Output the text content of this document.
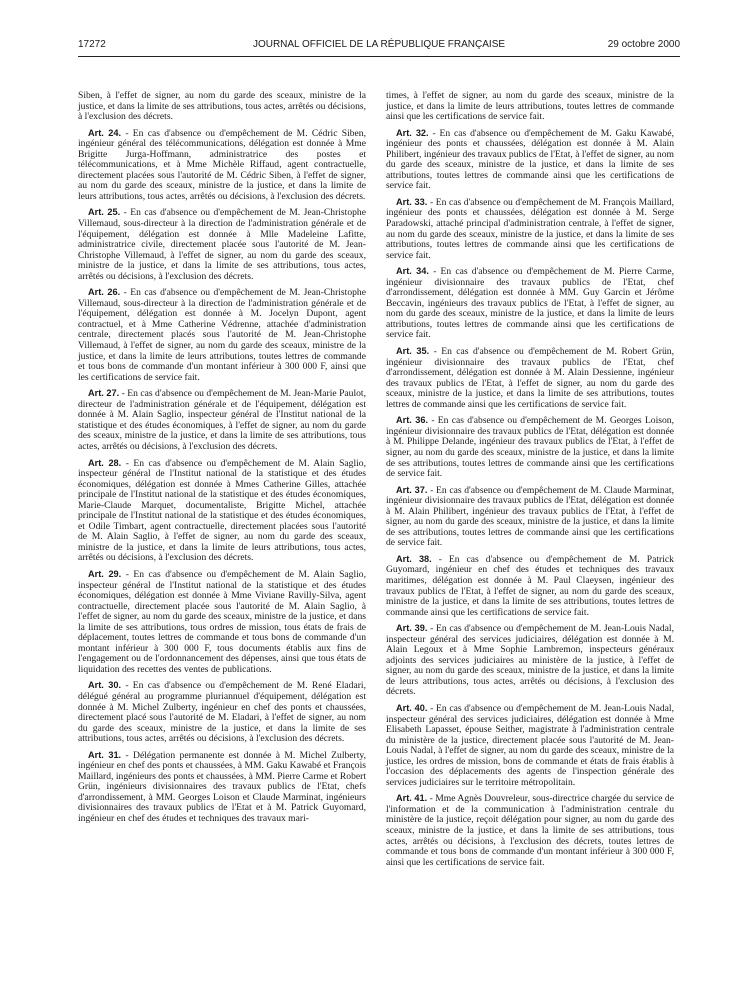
JOURNAL OFFICIEL DE LA RÉPUBLIQUE FRANÇAISE
17272	29 octobre 2000

Siben, à l'effet de signer, au nom du garde des sceaux, ministre de la justice, et dans la limite de ses attributions, tous actes, arrêtés ou décisions, à l'exclusion des décrets.

Art. 24. - En cas d'absence ou d'empêchement de M. Cédric Siben, ingénieur général des télécommunications, délégation est donnée à Mme Brigitte Jurga-Hoffmann, administratrice des postes et télécommunications, et à Mme Michèle Riffaud, agent contractuelle, directement placées sous l'autorité de M. Cédric Siben, à l'effet de signer, au nom du garde des sceaux, ministre de la justice, et dans la limite de leurs attributions, tous actes, arrêtés ou décisions, à l'exclusion des décrets.

Art. 25. - En cas d'absence ou d'empêchement de M. Jean-Christophe Villemaud, sous-directeur à la direction de l'administration générale et de l'équipement, délégation est donnée à Mlle Madeleine Lafitte, administratrice civile, directement placée sous l'autorité de M. Jean-Christophe Villemaud, à l'effet de signer, au nom du garde des sceaux, ministre de la justice, et dans la limite de ses attributions, tous actes, arrêtés ou décisions, à l'exclusion des décrets.

Art. 26. - En cas d'absence ou d'empêchement de M. Jean-Christophe Villemaud, sous-directeur à la direction de l'administration générale et de l'équipement, délégation est donnée à M. Jocelyn Dupont, agent contractuel, et à Mme Catherine Védrenne, attachée d'administration centrale, directement placés sous l'autorité de M. Jean-Christophe Villemaud, à l'effet de signer, au nom du garde des sceaux, ministre de la justice, et dans la limite de leurs attributions, toutes lettres de commande et tous bons de commande d'un montant inférieur à 300 000 F, ainsi que les certifications de service fait.

Art. 27. - En cas d'absence ou d'empêchement de M. Jean-Marie Paulot, directeur de l'administration générale et de l'équipement, délégation est donnée à M. Alain Saglio, inspecteur général de l'Institut national de la statistique et des études économiques, à l'effet de signer, au nom du garde des sceaux, ministre de la justice, et dans la limite de ses attributions, tous actes, arrêtés ou décisions, à l'exclusion des décrets.

Art. 28. - En cas d'absence ou d'empêchement de M. Alain Saglio, inspecteur général de l'Institut national de la statistique et des études économiques, délégation est donnée à Mmes Catherine Gilles, attachée principale de l'Institut national de la statistique et des études économiques, Marie-Claude Marquet, documentaliste, Brigitte Michel, attachée principale de l'Institut national de la statistique et des études économiques, et Odile Timbart, agent contractuelle, directement placées sous l'autorité de M. Alain Saglio, à l'effet de signer, au nom du garde des sceaux, ministre de la justice, et dans la limite de leurs attributions, tous actes, arrêtés ou décisions, à l'exclusion des décrets.

Art. 29. - En cas d'absence ou d'empêchement de M. Alain Saglio, inspecteur général de l'Institut national de la statistique et des études économiques, délégation est donnée à Mme Viviane Ravilly-Silva, agent contractuelle, directement placée sous l'autorité de M. Alain Saglio, à l'effet de signer, au nom du garde des sceaux, ministre de la justice, et dans la limite de ses attributions, tous ordres de mission, tous états de frais de déplacement, toutes lettres de commande et tous bons de commande d'un montant inférieur à 300 000 F, tous documents établis aux fins de l'engagement ou de l'ordonnancement des dépenses, ainsi que tous états de liquidation des recettes des ventes de publications.

Art. 30. - En cas d'absence ou d'empêchement de M. René Eladari, délégué général au programme pluriannuel d'équipement, délégation est donnée à M. Michel Zulberty, ingénieur en chef des ponts et chaussées, directement placé sous l'autorité de M. Eladari, à l'effet de signer, au nom du garde des sceaux, ministre de la justice, et dans la limite de ses attributions, tous actes, arrêtés ou décisions, à l'exclusion des décrets.

Art. 31. - Délégation permanente est donnée à M. Michel Zulberty, ingénieur en chef des ponts et chaussées, à MM. Gaku Kawabé et François Maillard, ingénieurs des ponts et chaussées, à MM. Pierre Carme et Robert Grün, ingénieurs divisionnaires des travaux publics de l'Etat, chefs d'arrondissement, à MM. Georges Loison et Claude Marminat, ingénieurs divisionnaires des travaux publics de l'Etat et à M. Patrick Guyomard, ingénieur en chef des études et techniques des travaux mari-

times, à l'effet de signer, au nom du garde des sceaux, ministre de la justice, et dans la limite de leurs attributions, toutes lettres de commande ainsi que les certifications de service fait.

Art. 32. - En cas d'absence ou d'empêchement de M. Gaku Kawabé, ingénieur des ponts et chaussées, délégation est donnée à M. Alain Philibert, ingénieur des travaux publics de l'Etat, à l'effet de signer, au nom du garde des sceaux, ministre de la justice, et dans la limite de ses attributions, toutes lettres de commande ainsi que les certifications de service fait.

Art. 33. - En cas d'absence ou d'empêchement de M. François Maillard, ingénieur des ponts et chaussées, délégation est donnée à M. Serge Paradowski, attaché principal d'administration centrale, à l'effet de signer, au nom du garde des sceaux, ministre de la justice, et dans la limite de ses attributions, toutes lettres de commande ainsi que les certifications de service fait.

Art. 34. - En cas d'absence ou d'empêchement de M. Pierre Carme, ingénieur divisionnaire des travaux publics de l'Etat, chef d'arrondissement, délégation est donnée à MM. Guy Garcin et Jérôme Beccavin, ingénieurs des travaux publics de l'Etat, à l'effet de signer, au nom du garde des sceaux, ministre de la justice, et dans la limite de leurs attributions, toutes lettres de commande ainsi que les certifications de service fait.

Art. 35. - En cas d'absence ou d'empêchement de M. Robert Grün, ingénieur divisionnaire des travaux publics de l'Etat, chef d'arrondissement, délégation est donnée à M. Alain Dessienne, ingénieur des travaux publics de l'Etat, à l'effet de signer, au nom du garde des sceaux, ministre de la justice, et dans la limite de ses attributions, toutes lettres de commande ainsi que les certifications de service fait.

Art. 36. - En cas d'absence ou d'empêchement de M. Georges Loison, ingénieur divisionnaire des travaux publics de l'Etat, délégation est donnée à M. Philippe Delande, ingénieur des travaux publics de l'Etat, à l'effet de signer, au nom du garde des sceaux, ministre de la justice, et dans la limite de ses attributions, toutes lettres de commande ainsi que les certifications de service fait.

Art. 37. - En cas d'absence ou d'empêchement de M. Claude Marminat, ingénieur divisionnaire des travaux publics de l'Etat, délégation est donnée à M. Alain Philibert, ingénieur des travaux publics de l'Etat, à l'effet de signer, au nom du garde des sceaux, ministre de la justice, et dans la limite de ses attributions, toutes lettres de commande ainsi que les certifications de service fait.

Art. 38. - En cas d'absence ou d'empêchement de M. Patrick Guyomard, ingénieur en chef des études et techniques des travaux maritimes, délégation est donnée à M. Paul Claeysen, ingénieur des travaux publics de l'Etat, à l'effet de signer, au nom du garde des sceaux, ministre de la justice, et dans la limite de ses attributions, toutes lettres de commande ainsi que les certifications de service fait.

Art. 39. - En cas d'absence ou d'empêchement de M. Jean-Louis Nadal, inspecteur général des services judiciaires, délégation est donnée à M. Alain Legoux et à Mme Sophie Lambremon, inspecteurs généraux adjoints des services judiciaires au ministère de la justice, à l'effet de signer, au nom du garde des sceaux, ministre de la justice, et dans la limite de leurs attributions, tous actes, arrêtés ou décisions, à l'exclusion des décrets.

Art. 40. - En cas d'absence ou d'empêchement de M. Jean-Louis Nadal, inspecteur général des services judiciaires, délégation est donnée à Mme Elisabeth Lapasset, épouse Seither, magistrate à l'administration centrale du ministère de la justice, directement placée sous l'autorité de M. Jean-Louis Nadal, à l'effet de signer, au nom du garde des sceaux, ministre de la justice, les ordres de mission, bons de commande et états de frais établis à l'occasion des déplacements des agents de l'inspection générale des services judiciaires sur le territoire métropolitain.

Art. 41. - Mme Agnès Douvreleur, sous-directrice chargée du service de l'information et de la communication à l'administration centrale du ministère de la justice, reçoit délégation pour signer, au nom du garde des sceaux, ministre de la justice, et dans la limite de ses attributions, tous actes, arrêtés ou décisions, à l'exclusion des décrets, toutes lettres de commande et tous bons de commande d'un montant inférieur à 300 000 F, ainsi que les certifications de service fait.
